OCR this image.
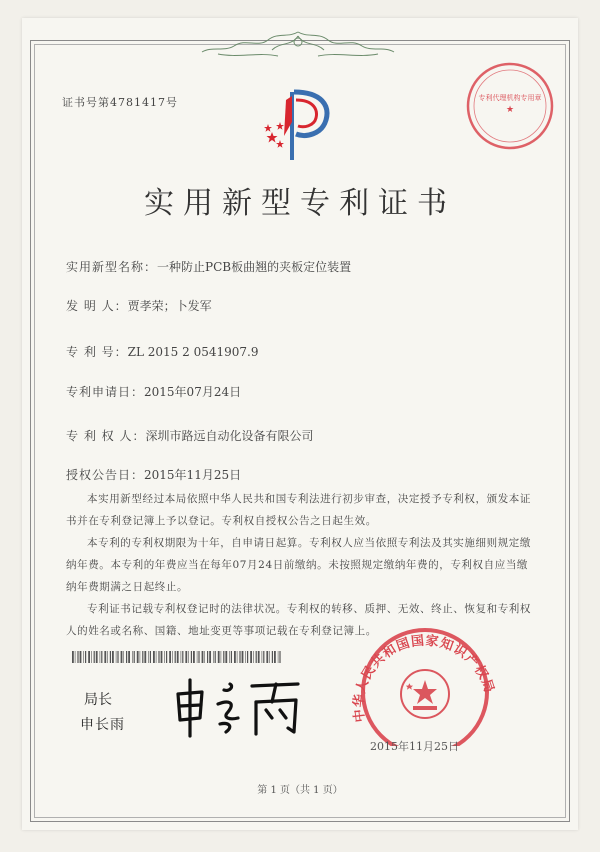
证书号第4781417号	专利代理机构专用章
★
实用新型专利证书
实用新型名称：一种防止PCB板曲翘的夹板定位装置
发 明 人：贾孝荣；卜发军
专 利 号：ZL 2015 2 0541907.9
专利申请日：2015年07月24日
专 利 权 人：深圳市路远自动化设备有限公司
授权公告日：2015年11月25日

本实用新型经过本局依照中华人民共和国专利法进行初步审查，决定授予专利权，颁发本证书并在专利登记簿上予以登记。专利权自授权公告之日起生效。

本专利的专利权期限为十年，自申请日起算。专利权人应当依照专利法及其实施细则规定缴纳年费。本专利的年费应当在每年07月24日前缴纳。未按照规定缴纳年费的，专利权自应当缴纳年费期满之日起终止。

专利证书记载专利权登记时的法律状况。专利权的转移、质押、无效、终止、恢复和专利权人的姓名或名称、国籍、地址变更等事项记载在专利登记簿上。

局长
申长雨
中华人民共和国国家知识产权局
2015年11月25日
第 1 页（共 1 页）
